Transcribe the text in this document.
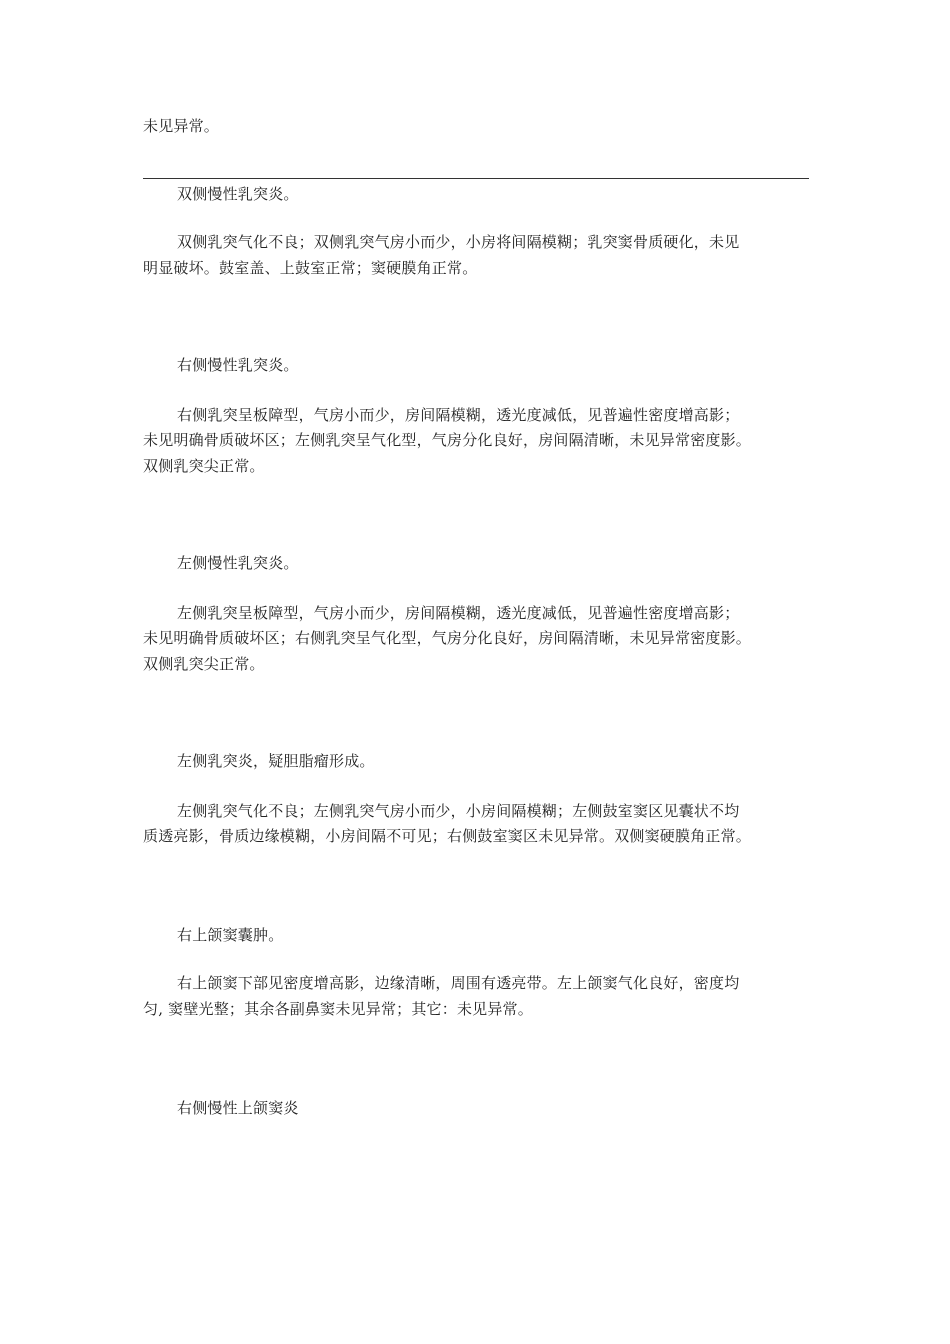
未见异常。
双侧慢性乳突炎。
双侧乳突气化不良；双侧乳突气房小而少，小房将间隔模糊；乳突窦骨质硬化，未见
明显破坏。鼓室盖、上鼓室正常；窦硬膜角正常。
右侧慢性乳突炎。
右侧乳突呈板障型，气房小而少，房间隔模糊，透光度减低，见普遍性密度增高影；
未见明确骨质破坏区；左侧乳突呈气化型，气房分化良好，房间隔清晰，未见异常密度影。
双侧乳突尖正常。
左侧慢性乳突炎。
左侧乳突呈板障型，气房小而少，房间隔模糊，透光度减低，见普遍性密度增高影；
未见明确骨质破坏区；右侧乳突呈气化型，气房分化良好，房间隔清晰，未见异常密度影。
双侧乳突尖正常。
左侧乳突炎，疑胆脂瘤形成。
左侧乳突气化不良；左侧乳突气房小而少，小房间隔模糊；左侧鼓室窦区见囊状不均
质透亮影，骨质边缘模糊，小房间隔不可见；右侧鼓室窦区未见异常。双侧窦硬膜角正常。
右上颌窦囊肿。
右上颌窦下部见密度增高影，边缘清晰，周围有透亮带。左上颌窦气化良好，密度均
匀, 窦壁光整；其余各副鼻窦未见异常；其它：未见异常。
右侧慢性上颌窦炎
